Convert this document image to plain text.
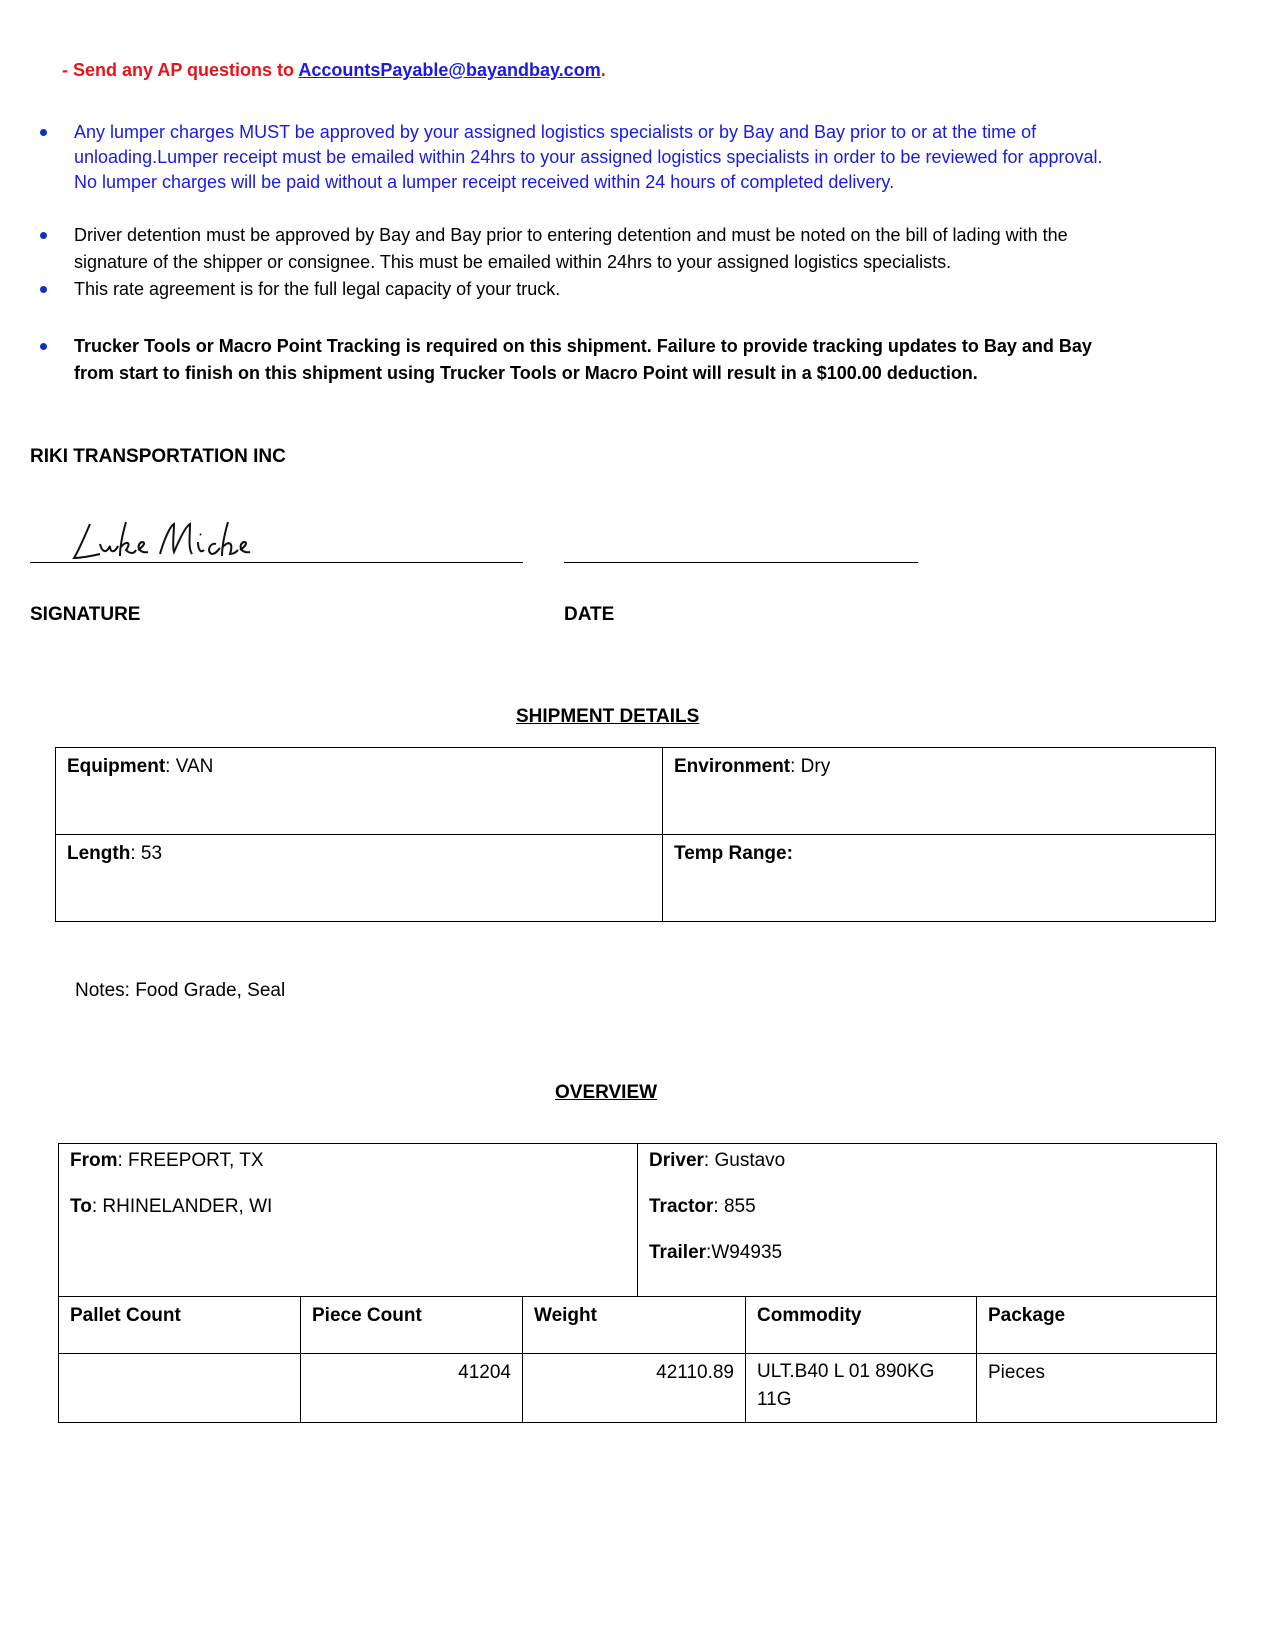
- Send any AP questions to AccountsPayable@bayandbay.com.
Any lumper charges MUST be approved by your assigned logistics specialists or by Bay and Bay prior to or at the time of unloading.Lumper receipt must be emailed within 24hrs to your assigned logistics specialists in order to be reviewed for approval. No lumper charges will be paid without a lumper receipt received within 24 hours of completed delivery.
Driver detention must be approved by Bay and Bay prior to entering detention and must be noted on the bill of lading with the signature of the shipper or consignee. This must be emailed within 24hrs to your assigned logistics specialists.
This rate agreement is for the full legal capacity of your truck.
Trucker Tools or Macro Point Tracking is required on this shipment. Failure to provide tracking updates to Bay and Bay from start to finish on this shipment using Trucker Tools or Macro Point will result in a $100.00 deduction.
RIKI TRANSPORTATION INC
SIGNATURE	DATE
SHIPMENT DETAILS
Equipment: VAN	Environment: Dry
Length: 53	Temp Range:
Notes: Food Grade, Seal
OVERVIEW

From: FREEPORT, TX

To: RHINELANDER, WI

Driver: Gustavo

Tractor: 855

Trailer:W94935

Pallet Count	Piece Count	Weight	Commodity	Package
	41204	42110.89	ULT.B40 L 01 890KG 11G	Pieces
